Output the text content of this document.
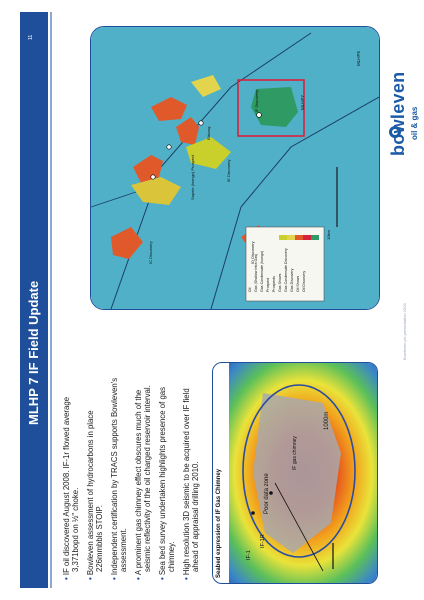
MLHP 7 IF Field Update
11
MLHP5
MLHP7
IF Discovery
Sapele (Isongo) Prospect
Etisong
IE Discovery
ID Discovery
IC Discovery
10km
Oil Gas (Shallow Intra Gas) Gas Condensate (Isongo) Prospect Prospects Gas Shows Gas Condensate Discovery Gas Discovery Oil Shows Oil Discovery
• IF oil discovered August 2008. IF-1r flowed average 3,371bopd on ½" choke.
• Bowleven assessment of hydrocarbons in place 226mmbbls STOIP.
• Independent certification by TRACS supports Bowleven's assessment.
• A prominent gas chimney effect obscures much of the seismic reflectivity of the oil charged reservoir interval.
• Sea bed survey undertaken highlights presence of gas chimney.
• High resolution 3D seismic to be acquired over IF field ahead of appraisal drilling 2010.	Seabed expression of IF Gas Chimney	Poor data zone
IF-1R
IF-1
IF gas chimney
1000m
bowleven oil & gas
Bowleven plc presentation 2009
